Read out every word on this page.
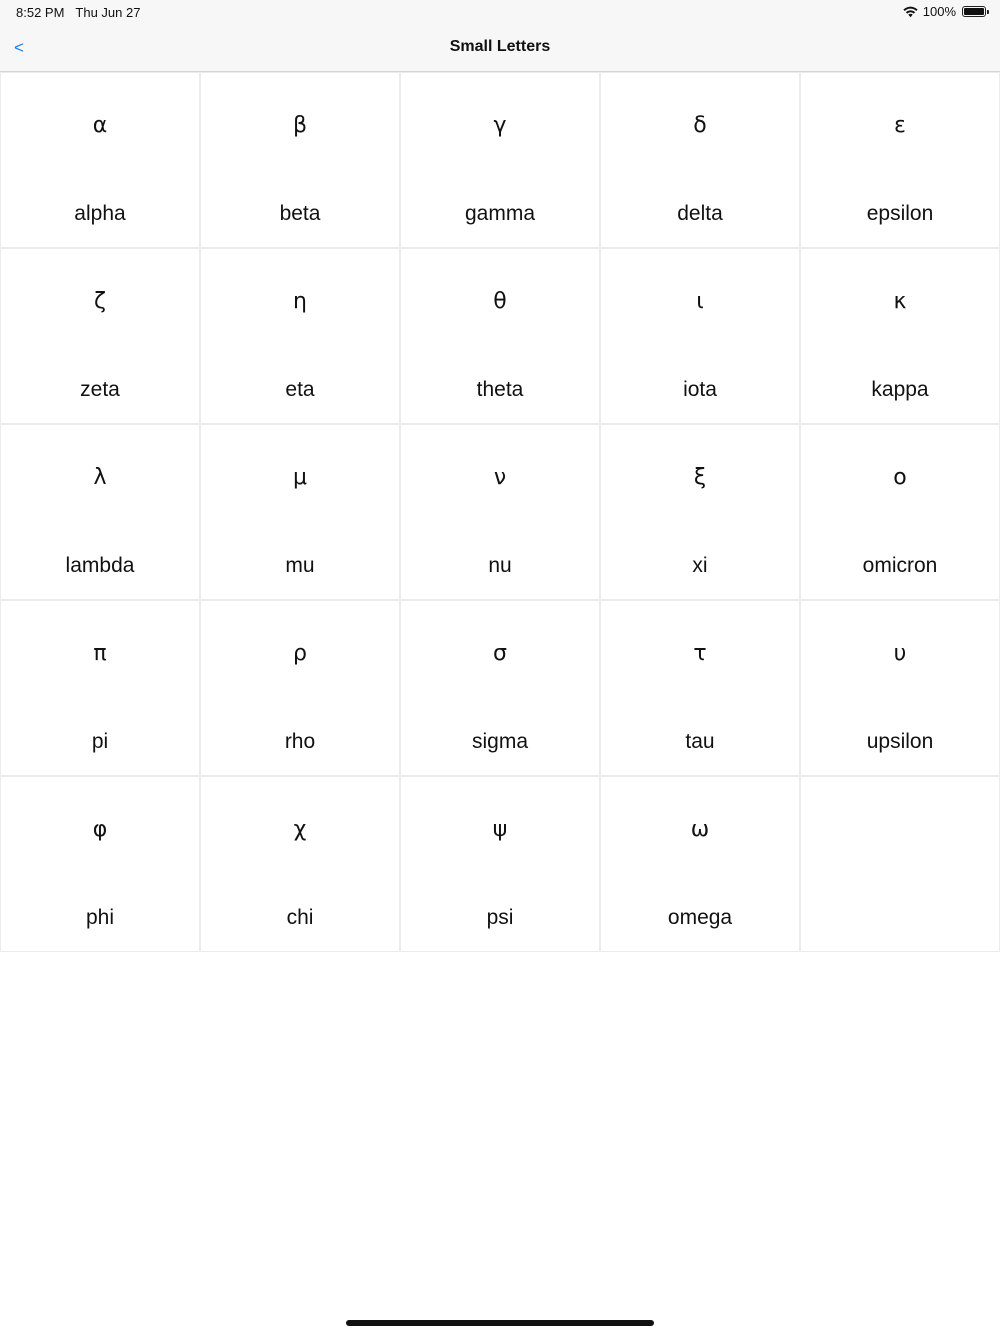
8:52 PM Thu Jun 27	100%
<	Small Letters
α
alpha
β
beta
γ
gamma
δ
delta
ε
epsilon
ζ
zeta
η
eta
θ
theta
ι
iota
κ
kappa
λ
lambda
μ
mu
ν
nu
ξ
xi
ο
omicron
π
pi
ρ
rho
σ
sigma
τ
tau
υ
upsilon
φ
phi
χ
chi
ψ
psi
ω
omega
